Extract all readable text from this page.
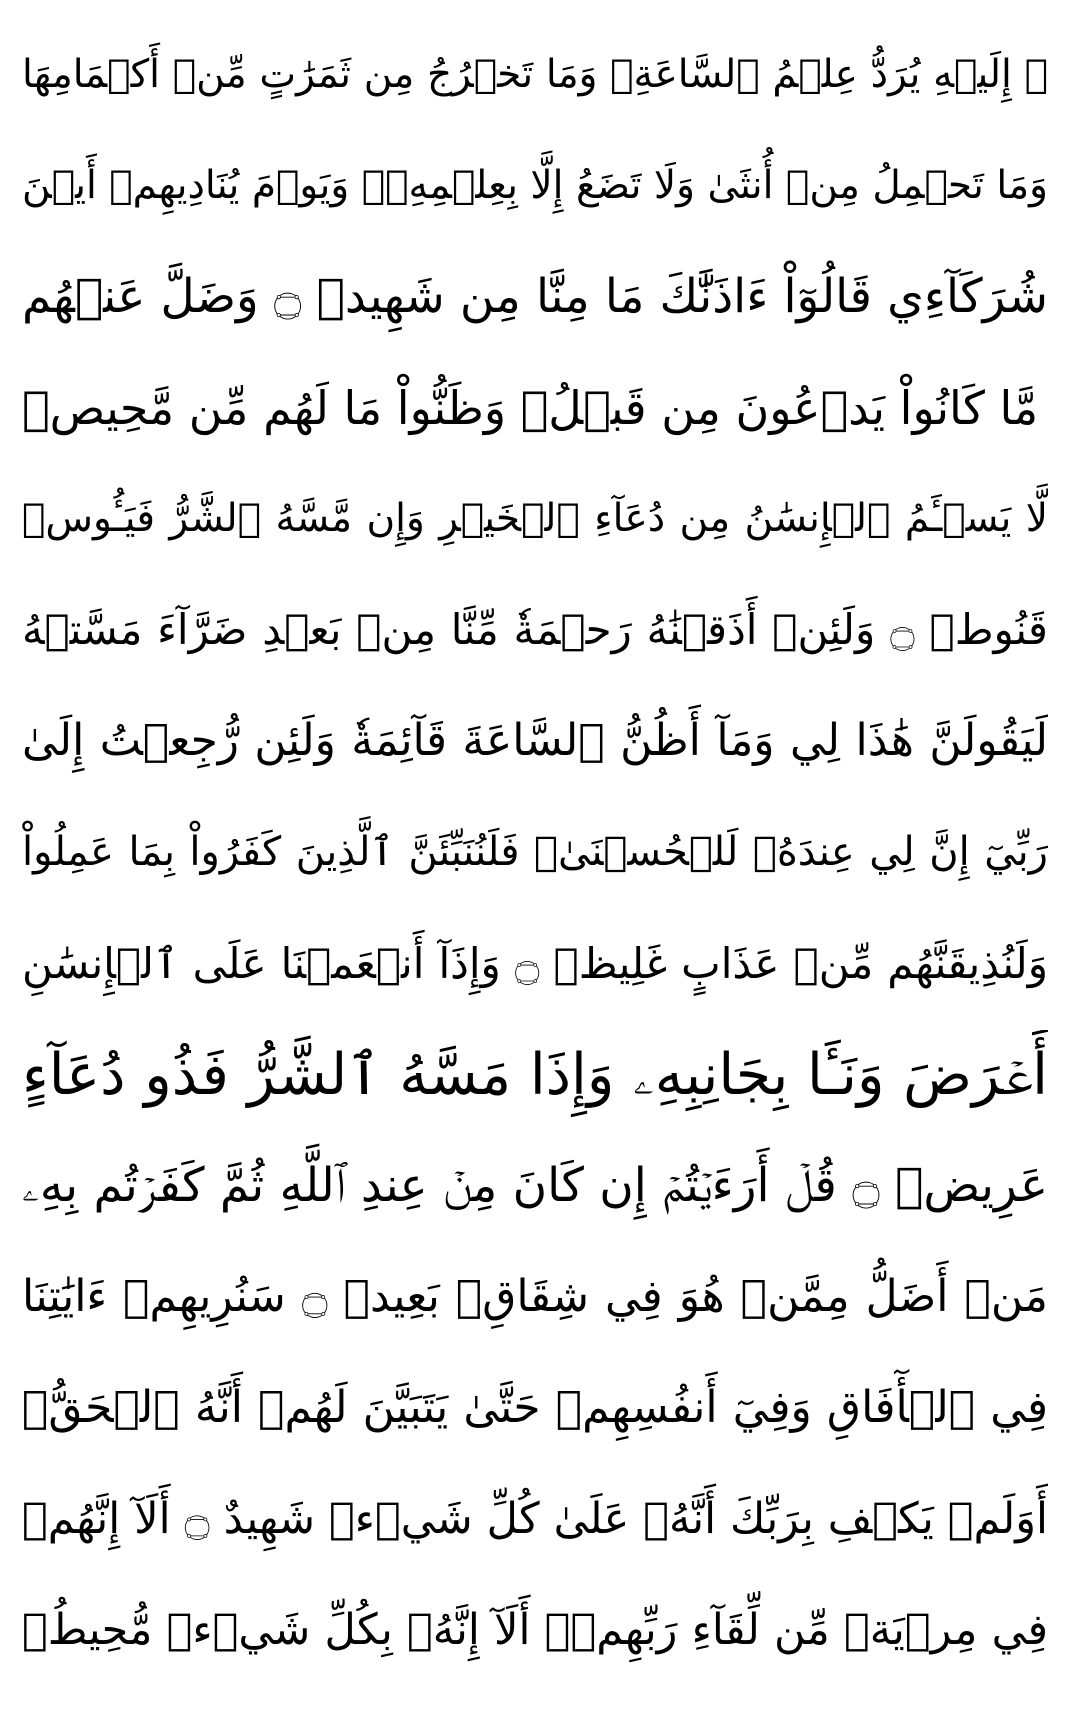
۞ إِلَيۡهِ يُرَدُّ عِلۡمُ ٱلسَّاعَةِۚ وَمَا تَخۡرُجُ مِن ثَمَرَٰتٍ مِّنۡ أَكۡمَامِهَا
وَمَا تَحۡمِلُ مِنۡ أُنثَىٰ وَلَا تَضَعُ إِلَّا بِعِلۡمِهِۦۚ وَيَوۡمَ يُنَادِيهِمۡ أَيۡنَ
شُرَكَآءِي قَالُوٓاْ ءَاذَنَّٰكَ مَا مِنَّا مِن شَهِيدٖ ۝ وَضَلَّ عَنۡهُم
مَّا كَانُواْ يَدۡعُونَ مِن قَبۡلُۖ وَظَنُّواْ مَا لَهُم مِّن مَّحِيصٖ
لَّا يَسۡـَٔمُ ٱلۡإِنسَٰنُ مِن دُعَآءِ ٱلۡخَيۡرِ وَإِن مَّسَّهُ ٱلشَّرُّ فَيَـُٔوسٞ
قَنُوطٞ ۝ وَلَئِنۡ أَذَقۡنَٰهُ رَحۡمَةٗ مِّنَّا مِنۢ بَعۡدِ ضَرَّآءَ مَسَّتۡهُ
لَيَقُولَنَّ هَٰذَا لِي وَمَآ أَظُنُّ ٱلسَّاعَةَ قَآئِمَةٗ وَلَئِن رُّجِعۡتُ إِلَىٰ
رَبِّيٓ إِنَّ لِي عِندَهُۥ لَلۡحُسۡنَىٰۚ فَلَنُنَبِّئَنَّ ٱلَّذِينَ كَفَرُواْ بِمَا عَمِلُواْ
وَلَنُذِيقَنَّهُم مِّنۡ عَذَابٍ غَلِيظٖ ۝ وَإِذَآ أَنۡعَمۡنَا عَلَى ٱلۡإِنسَٰنِ
أَعۡرَضَ وَنَـَٔا بِجَانِبِهِۦ وَإِذَا مَسَّهُ ٱلشَّرُّ فَذُو دُعَآءٍ
عَرِيضٖ ۝ قُلۡ أَرَءَيۡتُمۡ إِن كَانَ مِنۡ عِندِ ٱللَّهِ ثُمَّ كَفَرۡتُم بِهِۦ
مَنۡ أَضَلُّ مِمَّنۡ هُوَ فِي شِقَاقِۭ بَعِيدٖ ۝ سَنُرِيهِمۡ ءَايَٰتِنَا
فِي ٱلۡأٓفَاقِ وَفِيٓ أَنفُسِهِمۡ حَتَّىٰ يَتَبَيَّنَ لَهُمۡ أَنَّهُ ٱلۡحَقُّۗ
أَوَلَمۡ يَكۡفِ بِرَبِّكَ أَنَّهُۥ عَلَىٰ كُلِّ شَيۡءٖ شَهِيدٌ ۝ أَلَآ إِنَّهُمۡ
فِي مِرۡيَةٖ مِّن لِّقَآءِ رَبِّهِمۡۗ أَلَآ إِنَّهُۥ بِكُلِّ شَيۡءٖ مُّحِيطُۢ
